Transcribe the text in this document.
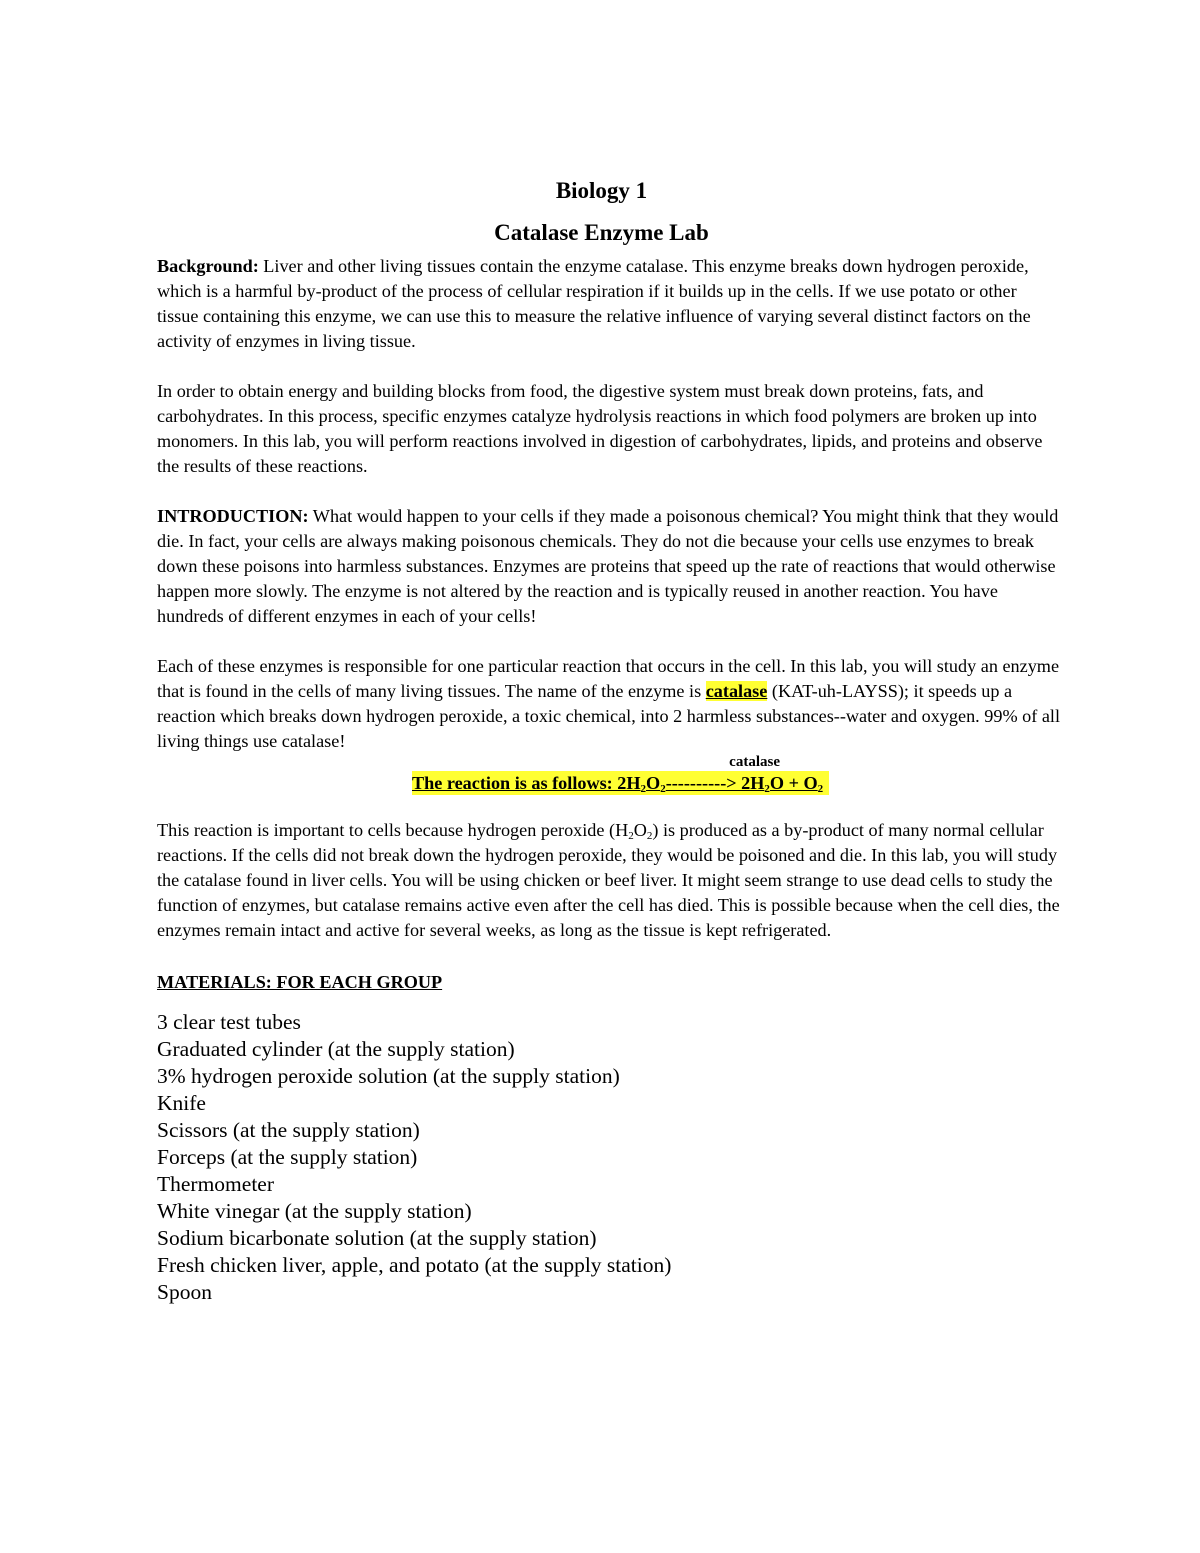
Biology 1
Catalase Enzyme Lab

Background: Liver and other living tissues contain the enzyme catalase. This enzyme breaks down hydrogen peroxide, which is a harmful by-product of the process of cellular respiration if it builds up in the cells. If we use potato or other tissue containing this enzyme, we can use this to measure the relative influence of varying several distinct factors on the activity of enzymes in living tissue.

In order to obtain energy and building blocks from food, the digestive system must break down proteins, fats, and carbohydrates. In this process, specific enzymes catalyze hydrolysis reactions in which food polymers are broken up into monomers. In this lab, you will perform reactions involved in digestion of carbohydrates, lipids, and proteins and observe the results of these reactions.

INTRODUCTION: What would happen to your cells if they made a poisonous chemical? You might think that they would die. In fact, your cells are always making poisonous chemicals. They do not die because your cells use enzymes to break down these poisons into harmless substances. Enzymes are proteins that speed up the rate of reactions that would otherwise happen more slowly. The enzyme is not altered by the reaction and is typically reused in another reaction. You have hundreds of different enzymes in each of your cells!

Each of these enzymes is responsible for one particular reaction that occurs in the cell. In this lab, you will study an enzyme that is found in the cells of many living tissues. The name of the enzyme is catalase (KAT-uh-LAYSS); it speeds up a reaction which breaks down hydrogen peroxide, a toxic chemical, into 2 harmless substances--water and oxygen. 99% of all living things use catalase!

catalase
The reaction is as follows: $2H_2O_2----------> 2H_2O + O_2$

This reaction is important to cells because hydrogen peroxide $(H_2O_2)$ is produced as a by-product of many normal cellular reactions. If the cells did not break down the hydrogen peroxide, they would be poisoned and die. In this lab, you will study the catalase found in liver cells. You will be using chicken or beef liver. It might seem strange to use dead cells to study the function of enzymes, but catalase remains active even after the cell has died. This is possible because when the cell dies, the enzymes remain intact and active for several weeks, as long as the tissue is kept refrigerated.

MATERIALS: FOR EACH GROUP
3 clear test tubes
Graduated cylinder (at the supply station)
3% hydrogen peroxide solution (at the supply station)
Knife
Scissors (at the supply station)
Forceps (at the supply station)
Thermometer
White vinegar (at the supply station)
Sodium bicarbonate solution (at the supply station)
Fresh chicken liver, apple, and potato (at the supply station)
Spoon
